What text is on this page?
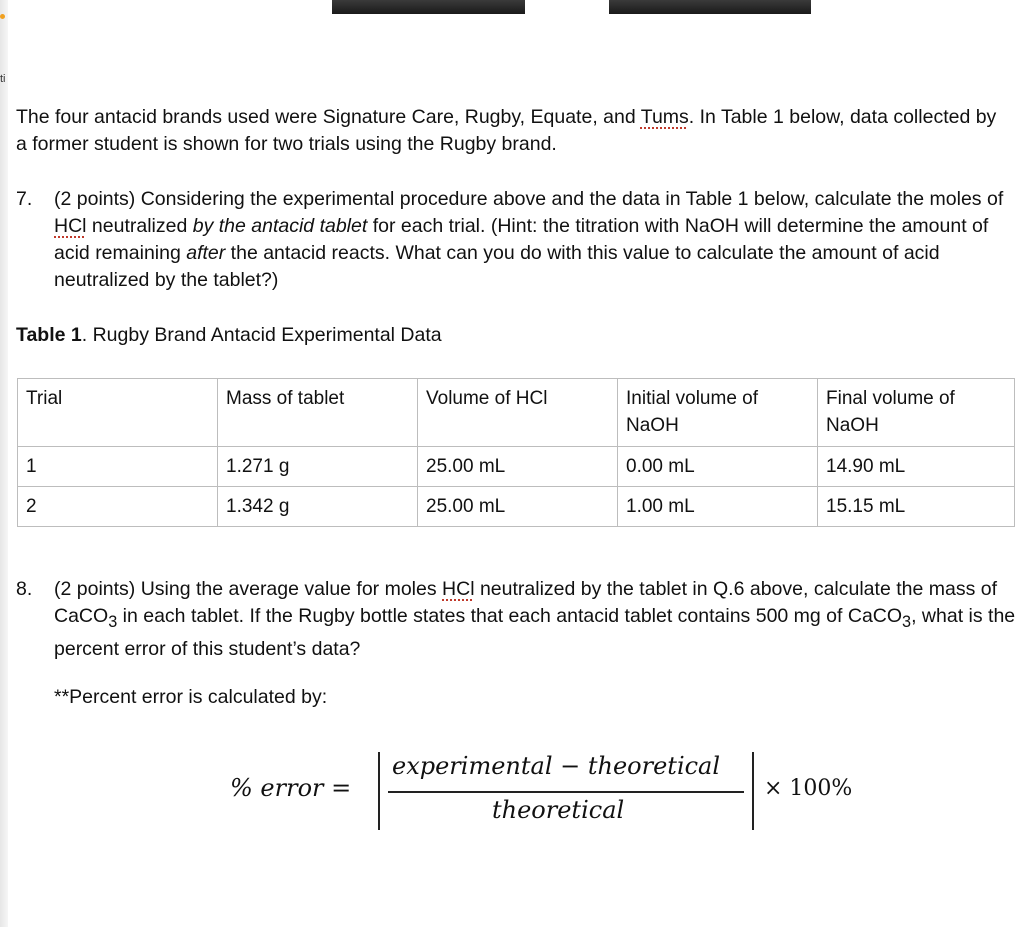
ti

The four antacid brands used were Signature Care, Rugby, Equate, and Tums. In Table 1 below, data collected by a former student is shown for two trials using the Rugby brand.

7. (2 points) Considering the experimental procedure above and the data in Table 1 below, calculate the moles of HCl neutralized by the antacid tablet for each trial. (Hint: the titration with NaOH will determine the amount of acid remaining after the antacid reacts. What can you do with this value to calculate the amount of acid neutralized by the tablet?)
Table 1. Rugby Brand Antacid Experimental Data
Trial	Mass of tablet	Volume of HCl	Initial volume of NaOH	Final volume of NaOH
1	1.271 g	25.00 mL	0.00 mL	14.90 mL
2	1.342 g	25.00 mL	1.00 mL	15.15 mL
8. (2 points) Using the average value for moles HCl neutralized by the tablet in Q.6 above, calculate the mass of CaCO$_3$ in each tablet. If the Rugby bottle states that each antacid tablet contains 500 mg of CaCO$_3$, what is the percent error of this student’s data?
**Percent error is calculated by:
% error =
experimental − theoretical
theoretical
× 100%
